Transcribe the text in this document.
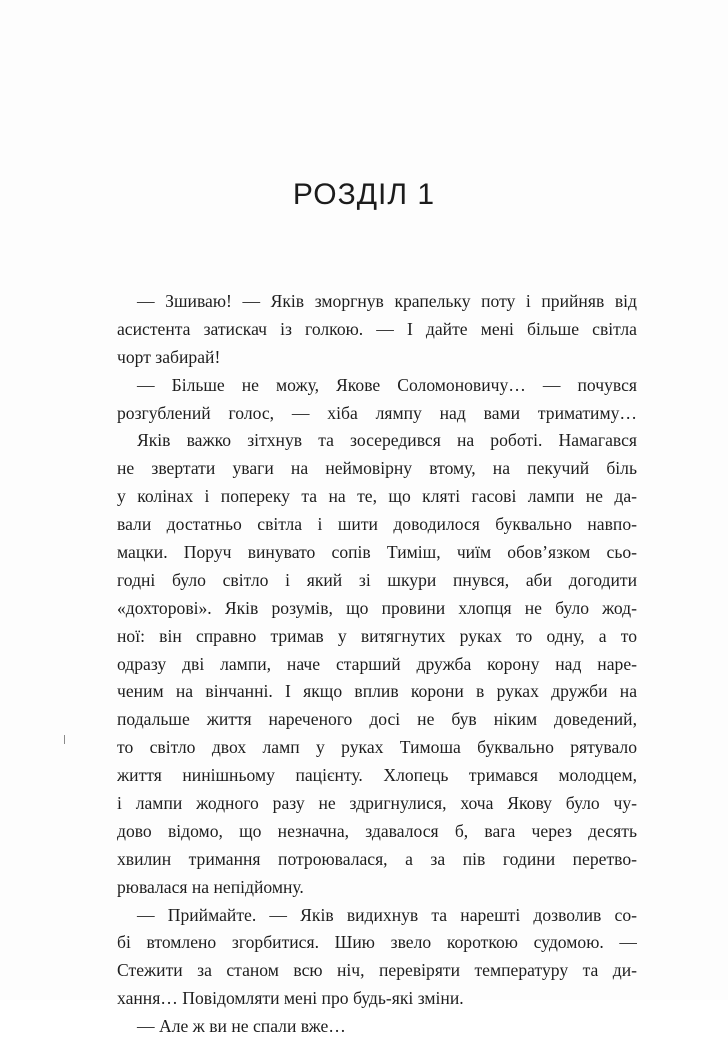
РОЗДІЛ 1
— Зшиваю! — Яків зморгнув крапельку поту і прийняв від
асистента затискач із голкою. — І дайте мені більше світла
чорт забирай!
— Більше не можу, Якове Соломоновичу… — почувся
розгублений голос, — хіба лямпу над вами триматиму…
Яків важко зітхнув та зосередився на роботі. Намагався
не звертати уваги на неймовірну втому, на пекучий біль
у колінах і попереку та на те, що кляті гасові лампи не да-
вали достатньо світла і шити доводилося буквально навпо-
мацки. Поруч винувато сопів Тиміш, чиїм обов’язком сьо-
годні було світло і який зі шкури пнувся, аби догодити
«дохторові». Яків розумів, що провини хлопця не було жод-
ної: він справно тримав у витягнутих руках то одну, а то
одразу дві лампи, наче старший дружба корону над наре-
ченим на вінчанні. І якщо вплив корони в руках дружби на
подальше життя нареченого досі не був ніким доведений,
то світло двох ламп у руках Тимоша буквально рятувало
життя нинішньому пацієнту. Хлопець тримався молодцем,
і лампи жодного разу не здригнулися, хоча Якову було чу-
дово відомо, що незначна, здавалося б, вага через десять
хвилин тримання потроювалася, а за пів години перетво-
рювалася на непідйомну.
— Приймайте. — Яків видихнув та нарешті дозволив со-
бі втомлено згорбитися. Шию звело короткою судомою. —
Стежити за станом всю ніч, перевіряти температуру та ди-
хання… Повідомляти мені про будь-які зміни.
— Але ж ви не спали вже…
